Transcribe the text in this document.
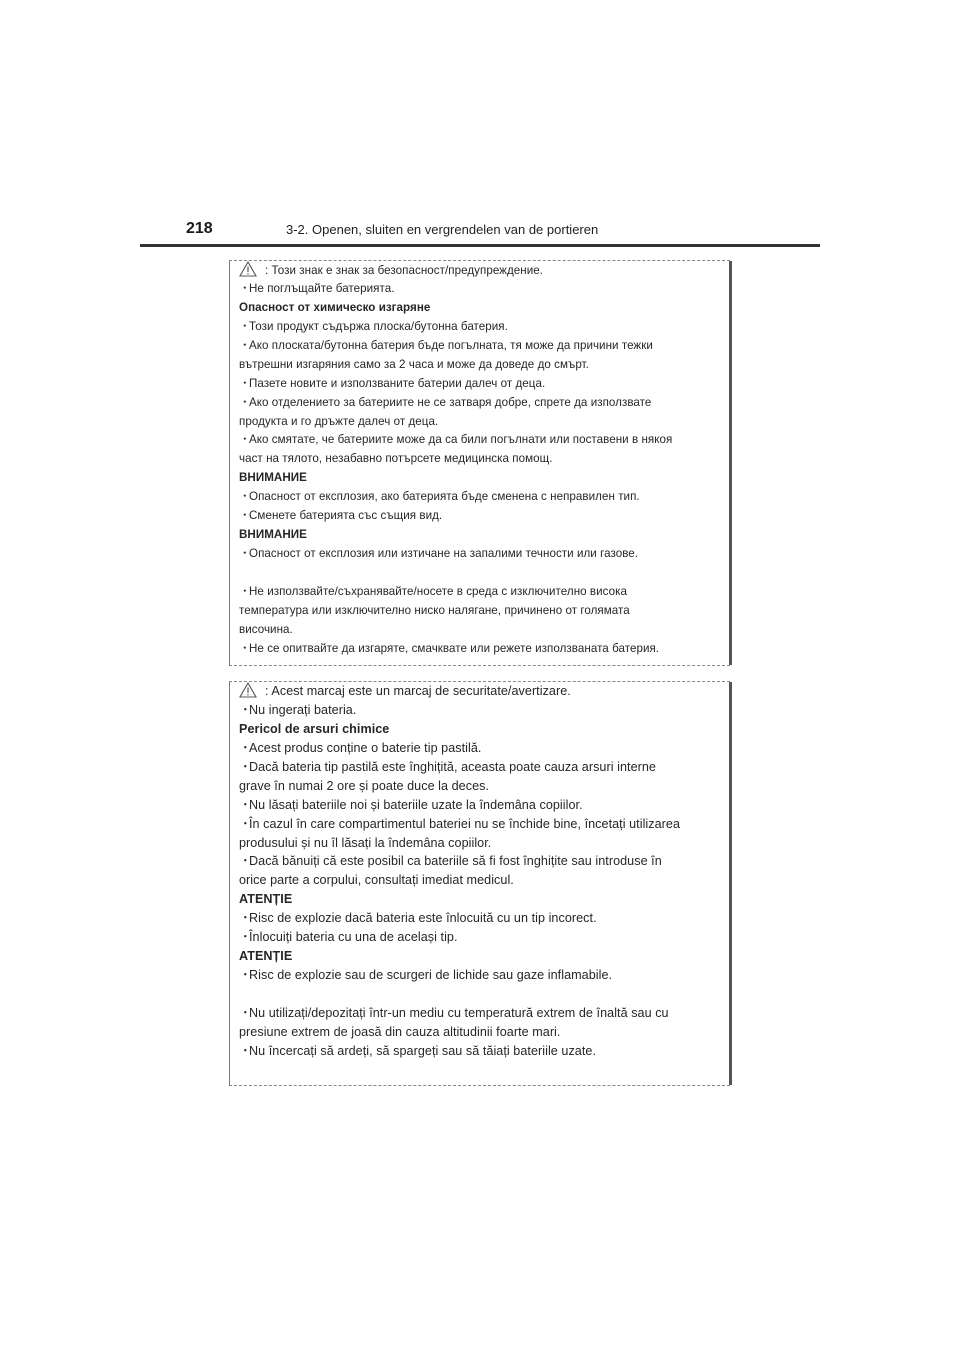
218	3-2. Openen, sluiten en vergrendelen van de portieren
: Този знак е знак за безопасност/предупреждение.
・Не поглъщайте батерията.
Опасност от химическо изгаряне
・Този продукт съдържа плоска/бутонна батерия.
・Ако плоската/бутонна батерия бъде погълната, тя може да причини тежки
вътрешни изгаряния само за 2 часа и може да доведе до смърт.
・Пазете новите и използваните батерии далеч от деца.
・Ако отделението за батериите не се затваря добре, спрете да използвате
продукта и го дръжте далеч от деца.
・Ако смятате, че батериите може да са били погълнати или поставени в някоя
част на тялото, незабавно потърсете медицинска помощ.
ВНИМАНИЕ
・Опасност от експлозия, ако батерията бъде сменена с неправилен тип.
・Сменете батерията със същия вид.
ВНИМАНИЕ
・Опасност от експлозия или изтичане на запалими течности или газове.
・Не използвайте/съхранявайте/носете в среда с изключително висока
температура или изключително ниско налягане, причинено от голямата
височина.
・Не се опитвайте да изгаряте, смачквате или режете използваната батерия.
: Acest marcaj este un marcaj de securitate/avertizare.
・Nu ingerați bateria.
Pericol de arsuri chimice
・Acest produs conține o baterie tip pastilă.
・Dacă bateria tip pastilă este înghițită, aceasta poate cauza arsuri interne
grave în numai 2 ore și poate duce la deces.
・Nu lăsați bateriile noi și bateriile uzate la îndemâna copiilor.
・În cazul în care compartimentul bateriei nu se închide bine, încetați utilizarea
produsului și nu îl lăsați la îndemâna copiilor.
・Dacă bănuiți că este posibil ca bateriile să fi fost înghițite sau introduse în
orice parte a corpului, consultați imediat medicul.
ATENȚIE
・Risc de explozie dacă bateria este înlocuită cu un tip incorect.
・Înlocuiți bateria cu una de același tip.
ATENȚIE
・Risc de explozie sau de scurgeri de lichide sau gaze inflamabile.
・Nu utilizați/depozitați într-un mediu cu temperatură extrem de înaltă sau cu
presiune extrem de joasă din cauza altitudinii foarte mari.
・Nu încercați să ardeți, să spargeți sau să tăiați bateriile uzate.
